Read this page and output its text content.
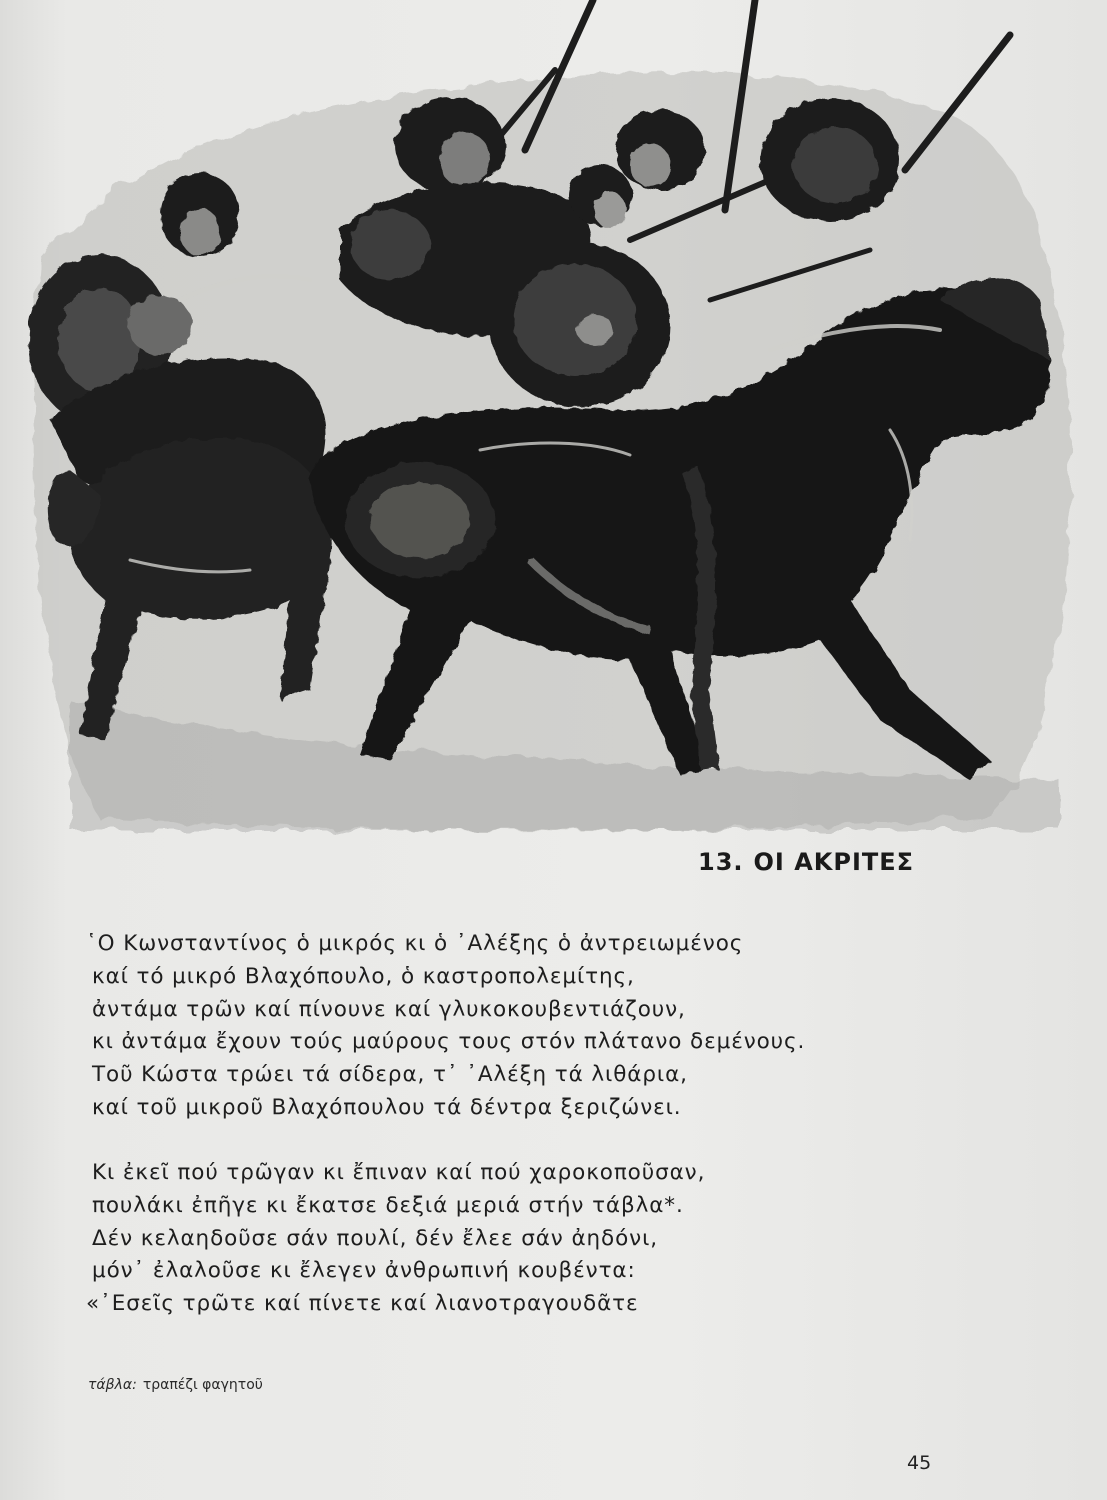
13. ΟΙ ΑΚΡΙΤΕΣ
῾Ο Κωνσταντίνος ὁ μικρός κι ὁ ᾿Αλέξης ὁ ἀντρειωμένος
καί τό μικρό Βλαχόπουλο, ὁ καστροπολεμίτης,
ἀντάμα τρῶν καί πίνουνε καί γλυκοκουβεντιάζουν,
κι ἀντάμα ἔχουν τούς μαύρους τους στόν πλάτανο δεμένους.
Τοῦ Κώστα τρώει τά σίδερα, τ᾿ ᾿Αλέξη τά λιθάρια,
καί τοῦ μικροῦ Βλαχόπουλου τά δέντρα ξεριζώνει.
Κι ἐκεῖ πού τρῶγαν κι ἔπιναν καί πού χαροκοποῦσαν,
πουλάκι ἐπῆγε κι ἔκατσε δεξιά μεριά στήν τάβλα*.
Δέν κελαηδοῦσε σάν πουλί, δέν ἔλεε σάν ἀηδόνι,
μόν᾿ ἐλαλοῦσε κι ἔλεγεν ἀνθρωπινή κουβέντα:
«᾿Εσεῖς τρῶτε καί πίνετε καί λιανοτραγουδᾶτε
τάβλα: τραπέζι φαγητοῦ
45
